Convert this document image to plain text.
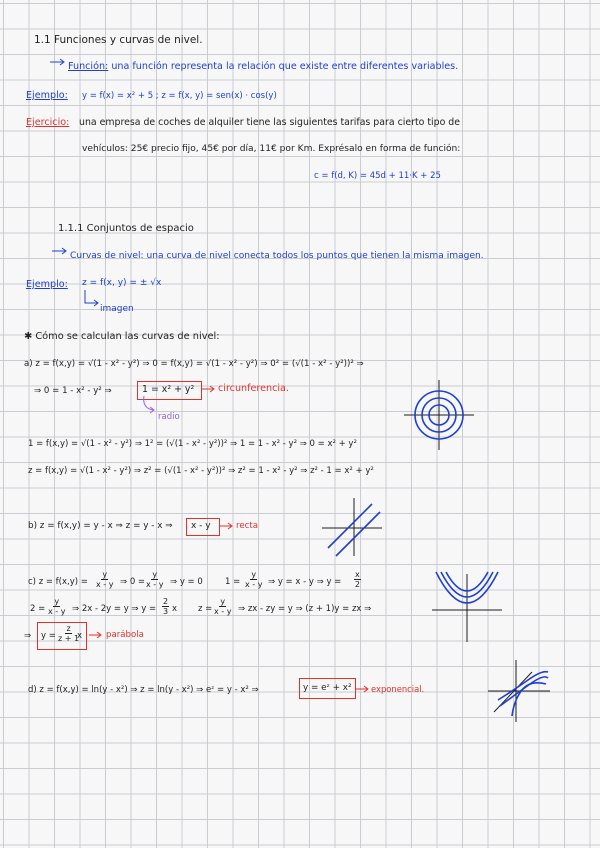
1.1 Funciones y curvas de nivel.
Función: una función representa la relación que existe entre diferentes variables.
Ejemplo: y = f(x) = x² + 5 ; z = f(x, y) = sen(x) · cos(y)
Ejercicio: una empresa de coches de alquiler tiene las siguientes tarifas para cierto tipo de
vehículos: 25€ precio fijo, 45€ por día, 11€ por Km. Exprésalo en forma de función:
c = f(d, K) = 45d + 11·K + 25
1.1.1 Conjuntos de espacio
Curvas de nivel: una curva de nivel conecta todos los puntos que tienen la misma imagen.
Ejemplo: z = f(x, y) = ± √x
imagen
✱ Cómo se calculan las curvas de nivel:
a) z = f(x,y) = √(1 - x² - y²) ⇒ 0 = f(x,y) = √(1 - x² - y²) ⇒ 0² = (√(1 - x² - y²))² ⇒
⇒ 0 = 1 - x² - y² ⇒	1 = x² + y² circunferencia.
radio
1 = f(x,y) = √(1 - x² - y²) ⇒ 1² = (√(1 - x² - y²))² ⇒ 1 = 1 - x² - y² ⇒ 0 = x² + y²
z = f(x,y) = √(1 - x² - y²) ⇒ z² = (√(1 - x² - y²))² ⇒ z² = 1 - x² - y² ⇒ z² - 1 = x² + y²
b) z = f(x,y) = y - x ⇒ z = y - x ⇒ x - y	recta
c) $z = f(x,y) = \frac{y}{x - y}$ ⇒ $0 = \frac{y}{x - y}$ ⇒ y = 0	$1 = \frac{y}{x - y}$ ⇒ y = x - y ⇒ $y = \frac{x}{2}$
$2 = \frac{y}{x - y}$ ⇒ 2x - 2y = y ⇒ $y = \frac{2}{3}$ x $z = \frac{y}{x - y}$ ⇒ zx - zy = y ⇒ (z + 1)y = zx ⇒
⇒ $y = \frac{z}{z + 1}$
x	parábola
d) z = f(x,y) = ln(y - x²) ⇒ z = ln(y - x²) ⇒ eᶻ = y - x² ⇒	y = eᶻ + x² exponencial.
